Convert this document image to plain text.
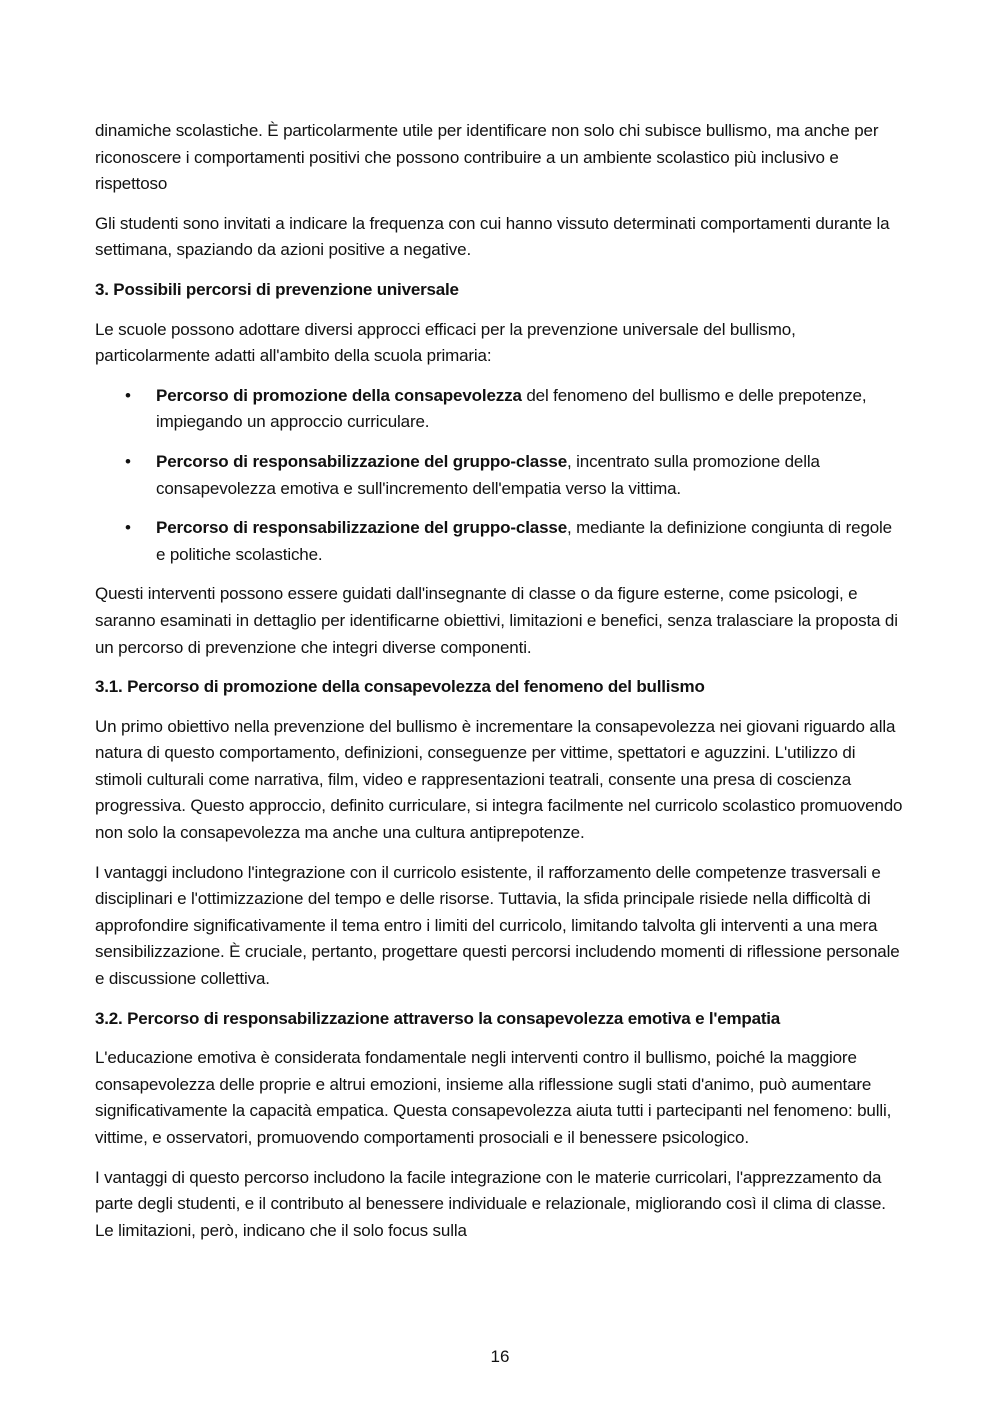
dinamiche scolastiche. È particolarmente utile per identificare non solo chi subisce bullismo, ma anche per riconoscere i comportamenti positivi che possono contribuire a un ambiente scolastico più inclusivo e rispettoso

Gli studenti sono invitati a indicare la frequenza con cui hanno vissuto determinati comportamenti durante la settimana, spaziando da azioni positive a negative.

3. Possibili percorsi di prevenzione universale

Le scuole possono adottare diversi approcci efficaci per la prevenzione universale del bullismo, particolarmente adatti all'ambito della scuola primaria:

• Percorso di promozione della consapevolezza del fenomeno del bullismo e delle prepotenze, impiegando un approccio curriculare.
• Percorso di responsabilizzazione del gruppo-classe, incentrato sulla promozione della consapevolezza emotiva e sull'incremento dell'empatia verso la vittima.
• Percorso di responsabilizzazione del gruppo-classe, mediante la definizione congiunta di regole e politiche scolastiche.

Questi interventi possono essere guidati dall'insegnante di classe o da figure esterne, come psicologi, e saranno esaminati in dettaglio per identificarne obiettivi, limitazioni e benefici, senza tralasciare la proposta di un percorso di prevenzione che integri diverse componenti.

3.1. Percorso di promozione della consapevolezza del fenomeno del bullismo

Un primo obiettivo nella prevenzione del bullismo è incrementare la consapevolezza nei giovani riguardo alla natura di questo comportamento, definizioni, conseguenze per vittime, spettatori e aguzzini. L'utilizzo di stimoli culturali come narrativa, film, video e rappresentazioni teatrali, consente una presa di coscienza progressiva. Questo approccio, definito curriculare, si integra facilmente nel curricolo scolastico promuovendo non solo la consapevolezza ma anche una cultura antiprepotenze.

I vantaggi includono l'integrazione con il curricolo esistente, il rafforzamento delle competenze trasversali e disciplinari e l'ottimizzazione del tempo e delle risorse. Tuttavia, la sfida principale risiede nella difficoltà di approfondire significativamente il tema entro i limiti del curricolo, limitando talvolta gli interventi a una mera sensibilizzazione. È cruciale, pertanto, progettare questi percorsi includendo momenti di riflessione personale e discussione collettiva.

3.2. Percorso di responsabilizzazione attraverso la consapevolezza emotiva e l'empatia

L'educazione emotiva è considerata fondamentale negli interventi contro il bullismo, poiché la maggiore consapevolezza delle proprie e altrui emozioni, insieme alla riflessione sugli stati d'animo, può aumentare significativamente la capacità empatica. Questa consapevolezza aiuta tutti i partecipanti nel fenomeno: bulli, vittime, e osservatori, promuovendo comportamenti prosociali e il benessere psicologico.

I vantaggi di questo percorso includono la facile integrazione con le materie curricolari, l'apprezzamento da parte degli studenti, e il contributo al benessere individuale e relazionale, migliorando così il clima di classe. Le limitazioni, però, indicano che il solo focus sulla

16
